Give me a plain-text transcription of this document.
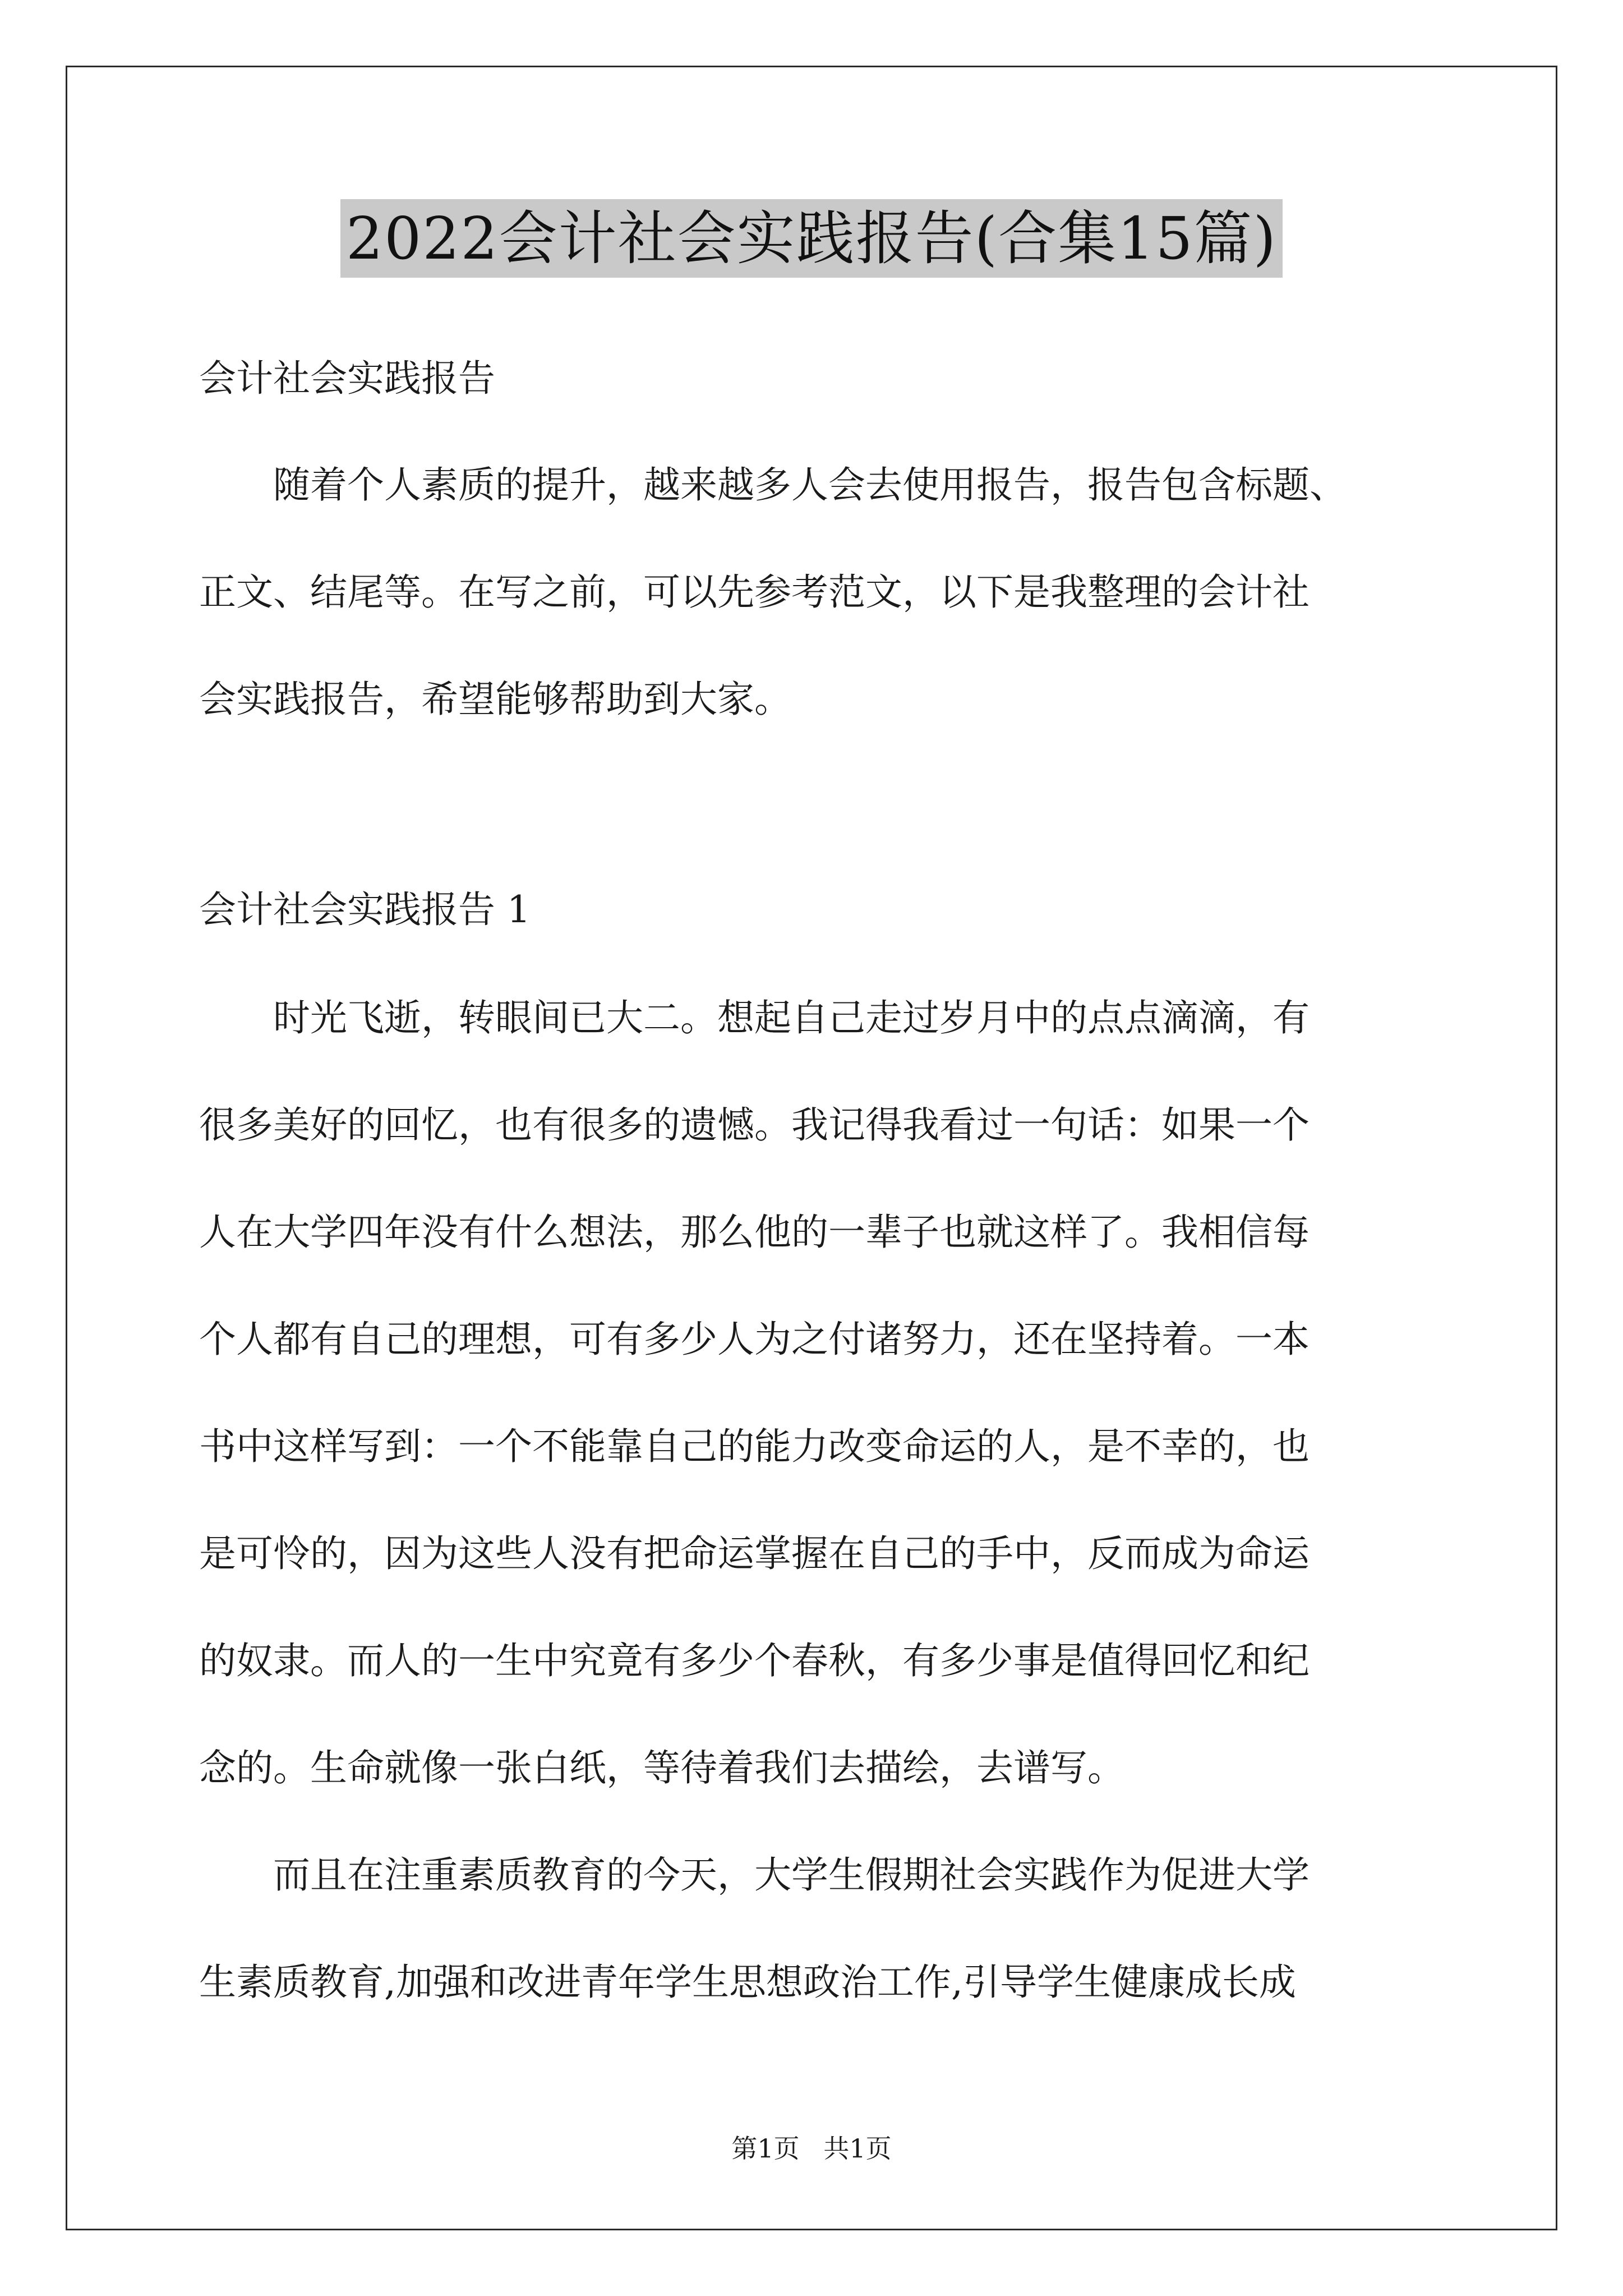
2022会计社会实践报告(合集15篇)

会计社会实践报告

随着个人素质的提升，越来越多人会去使用报告，报告包含标题、

正文、结尾等。在写之前，可以先参考范文，以下是我整理的会计社

会实践报告，希望能够帮助到大家。

会计社会实践报告 1

时光飞逝，转眼间已大二。想起自己走过岁月中的点点滴滴，有

很多美好的回忆，也有很多的遗憾。我记得我看过一句话：如果一个

人在大学四年没有什么想法，那么他的一辈子也就这样了。我相信每

个人都有自己的理想，可有多少人为之付诸努力，还在坚持着。一本

书中这样写到：一个不能靠自己的能力改变命运的人，是不幸的，也

是可怜的，因为这些人没有把命运掌握在自己的手中，反而成为命运

的奴隶。而人的一生中究竟有多少个春秋，有多少事是值得回忆和纪

念的。生命就像一张白纸，等待着我们去描绘，去谱写。

而且在注重素质教育的今天，大学生假期社会实践作为促进大学

生素质教育,加强和改进青年学生思想政治工作,引导学生健康成长成

第1页 共1页
